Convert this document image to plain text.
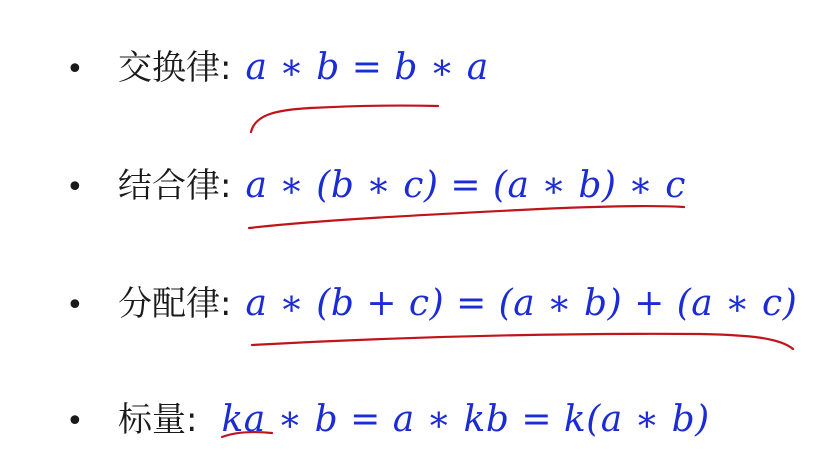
•	交换律: a ∗ b = b ∗ a
•	结合律: a ∗ (b ∗ c) = (a ∗ b) ∗ c
•	分配律: a ∗ (b + c) = (a ∗ b) + (a ∗ c)
•	标量: ka ∗ b = a ∗ kb = k(a ∗ b)
